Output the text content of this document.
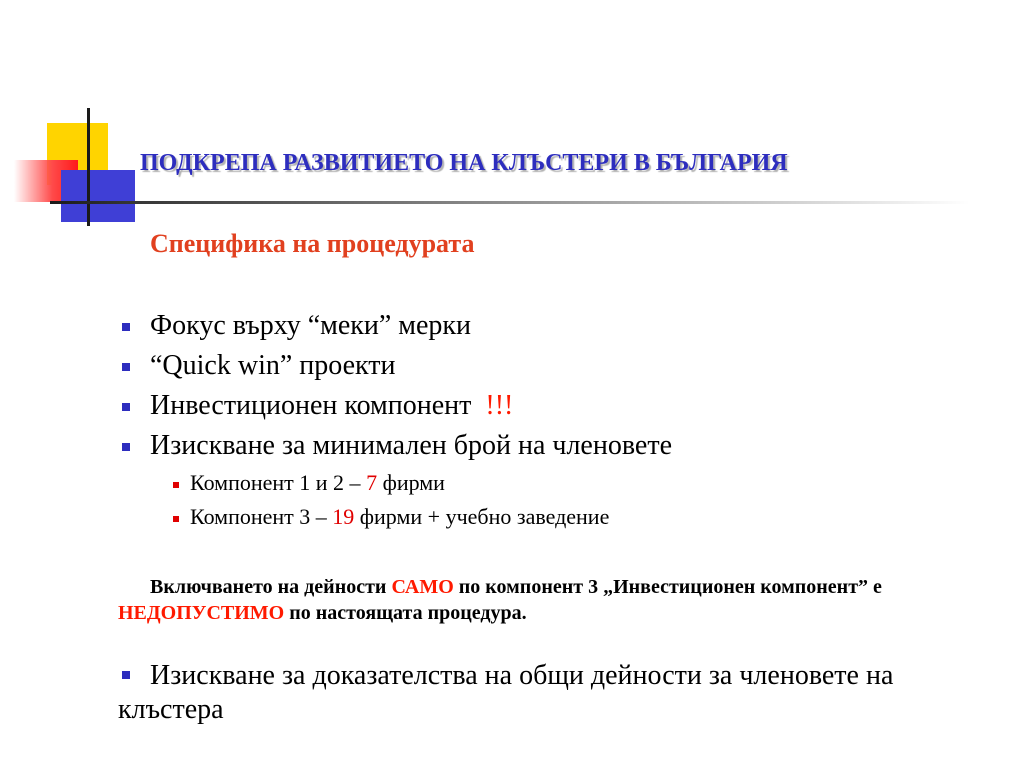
ПОДКРЕПА РАЗВИТИЕТО НА КЛЪСТЕРИ В БЪЛГАРИЯ
Специфика на процедурата
Фокус върху “меки” мерки
“Quick win” проекти
Инвестиционен компонент  !!!
Изискване за минимален брой на членовете
Компонент 1 и 2 – 7 фирми
Компонент 3 – 19 фирми + учебно заведение
Включването на дейности САМО по компонент 3 „Инвестиционен компонент” е НЕДОПУСТИМО по настоящата процедура.
Изискване за доказателства на общи дейности за членовете на клъстера
